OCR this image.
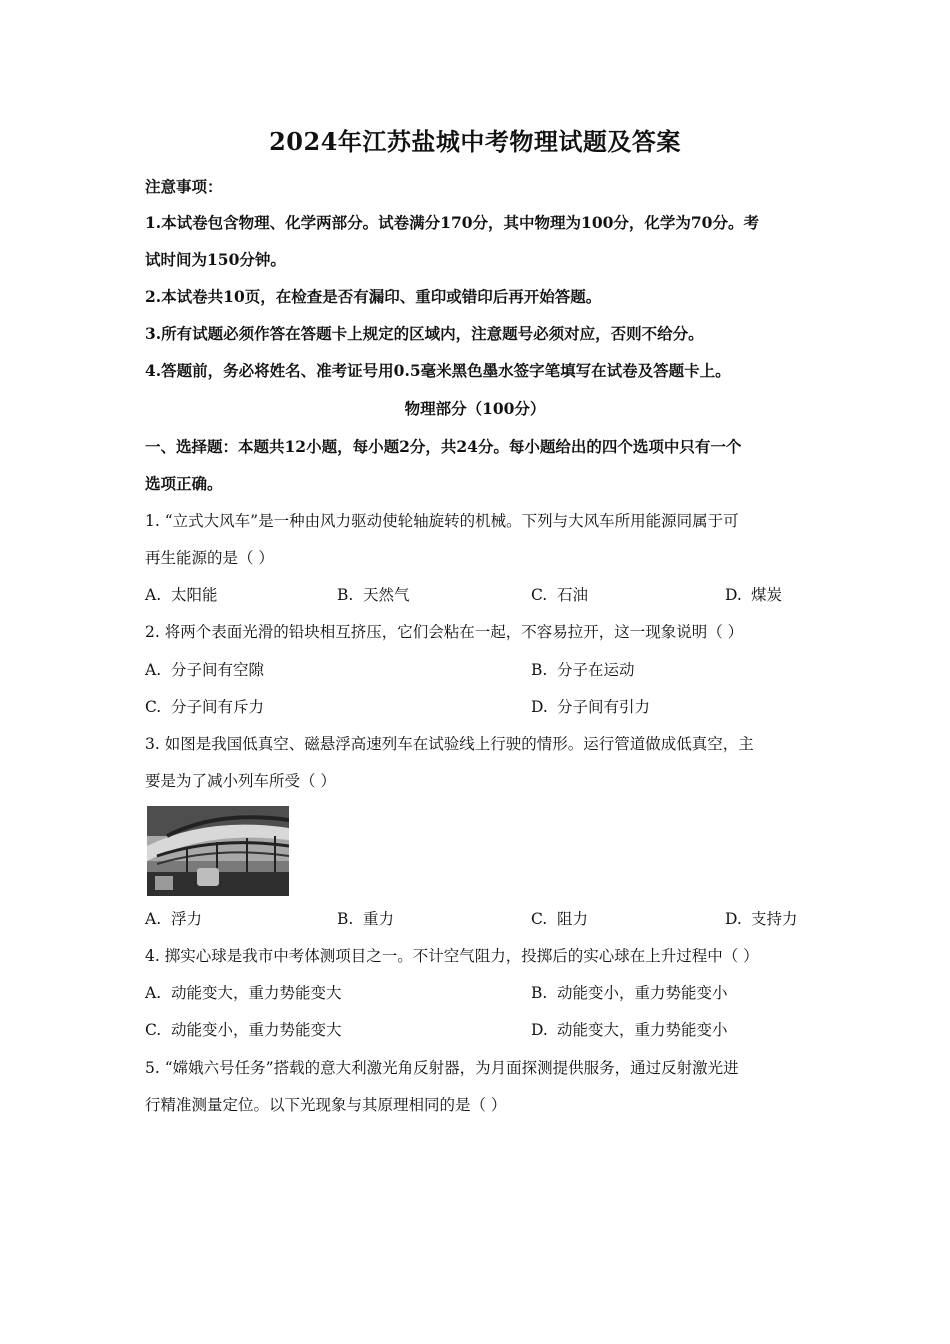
2024年江苏盐城中考物理试题及答案
注意事项：
1.本试卷包含物理、化学两部分。试卷满分170分，其中物理为100分，化学为70分。考
试时间为150分钟。
2.本试卷共10页，在检查是否有漏印、重印或错印后再开始答题。
3.所有试题必须作答在答题卡上规定的区域内，注意题号必须对应，否则不给分。
4.答题前，务必将姓名、准考证号用0.5毫米黑色墨水签字笔填写在试卷及答题卡上。
物理部分（100分）
一、选择题：本题共12小题，每小题2分，共24分。每小题给出的四个选项中只有一个
选项正确。
1. “立式大风车”是一种由风力驱动使轮轴旋转的机械。下列与大风车所用能源同属于可
再生能源的是（ ）
A. 太阳能	B. 天然气	C. 石油	D. 煤炭
2. 将两个表面光滑的铅块相互挤压，它们会粘在一起，不容易拉开，这一现象说明（ ）
A. 分子间有空隙	B. 分子在运动
C. 分子间有斥力	D. 分子间有引力
3. 如图是我国低真空、磁悬浮高速列车在试验线上行驶的情形。运行管道做成低真空，主
要是为了减小列车所受（ ）
A. 浮力	B. 重力	C. 阻力	D. 支持力
4. 掷实心球是我市中考体测项目之一。不计空气阻力，投掷后的实心球在上升过程中（ ）
A. 动能变大，重力势能变大	B. 动能变小，重力势能变小
C. 动能变小，重力势能变大	D. 动能变大，重力势能变小
5. “嫦娥六号任务”搭载的意大利激光角反射器，为月面探测提供服务，通过反射激光进
行精准测量定位。以下光现象与其原理相同的是（ ）
